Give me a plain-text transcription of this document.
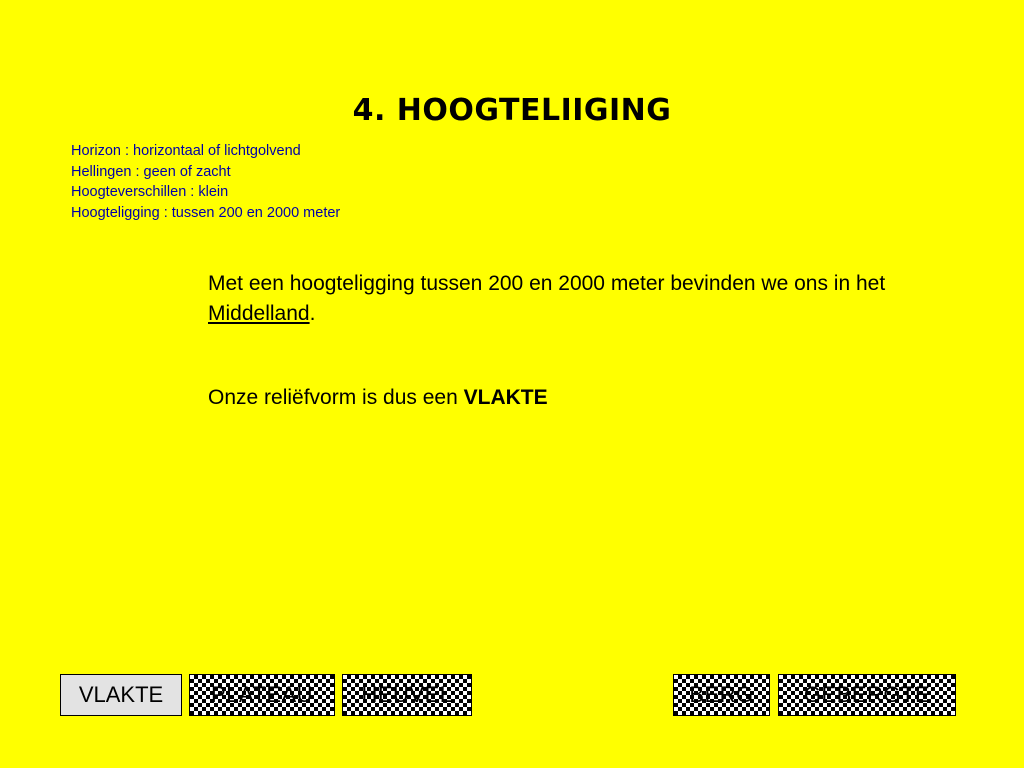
4. HOOGTELIIGING
Horizon : horizontaal of lichtgolvend
Hellingen : geen of zacht
Hoogteverschillen : klein
Hoogteligging : tussen 200 en 2000 meter
Met een hoogteligging tussen 200 en 2000 meter bevinden we ons in het Middelland.
Onze reliëfvorm is dus een VLAKTE
VLAKTE PLATEAU HEUVEL	BERG GEBERGTE
